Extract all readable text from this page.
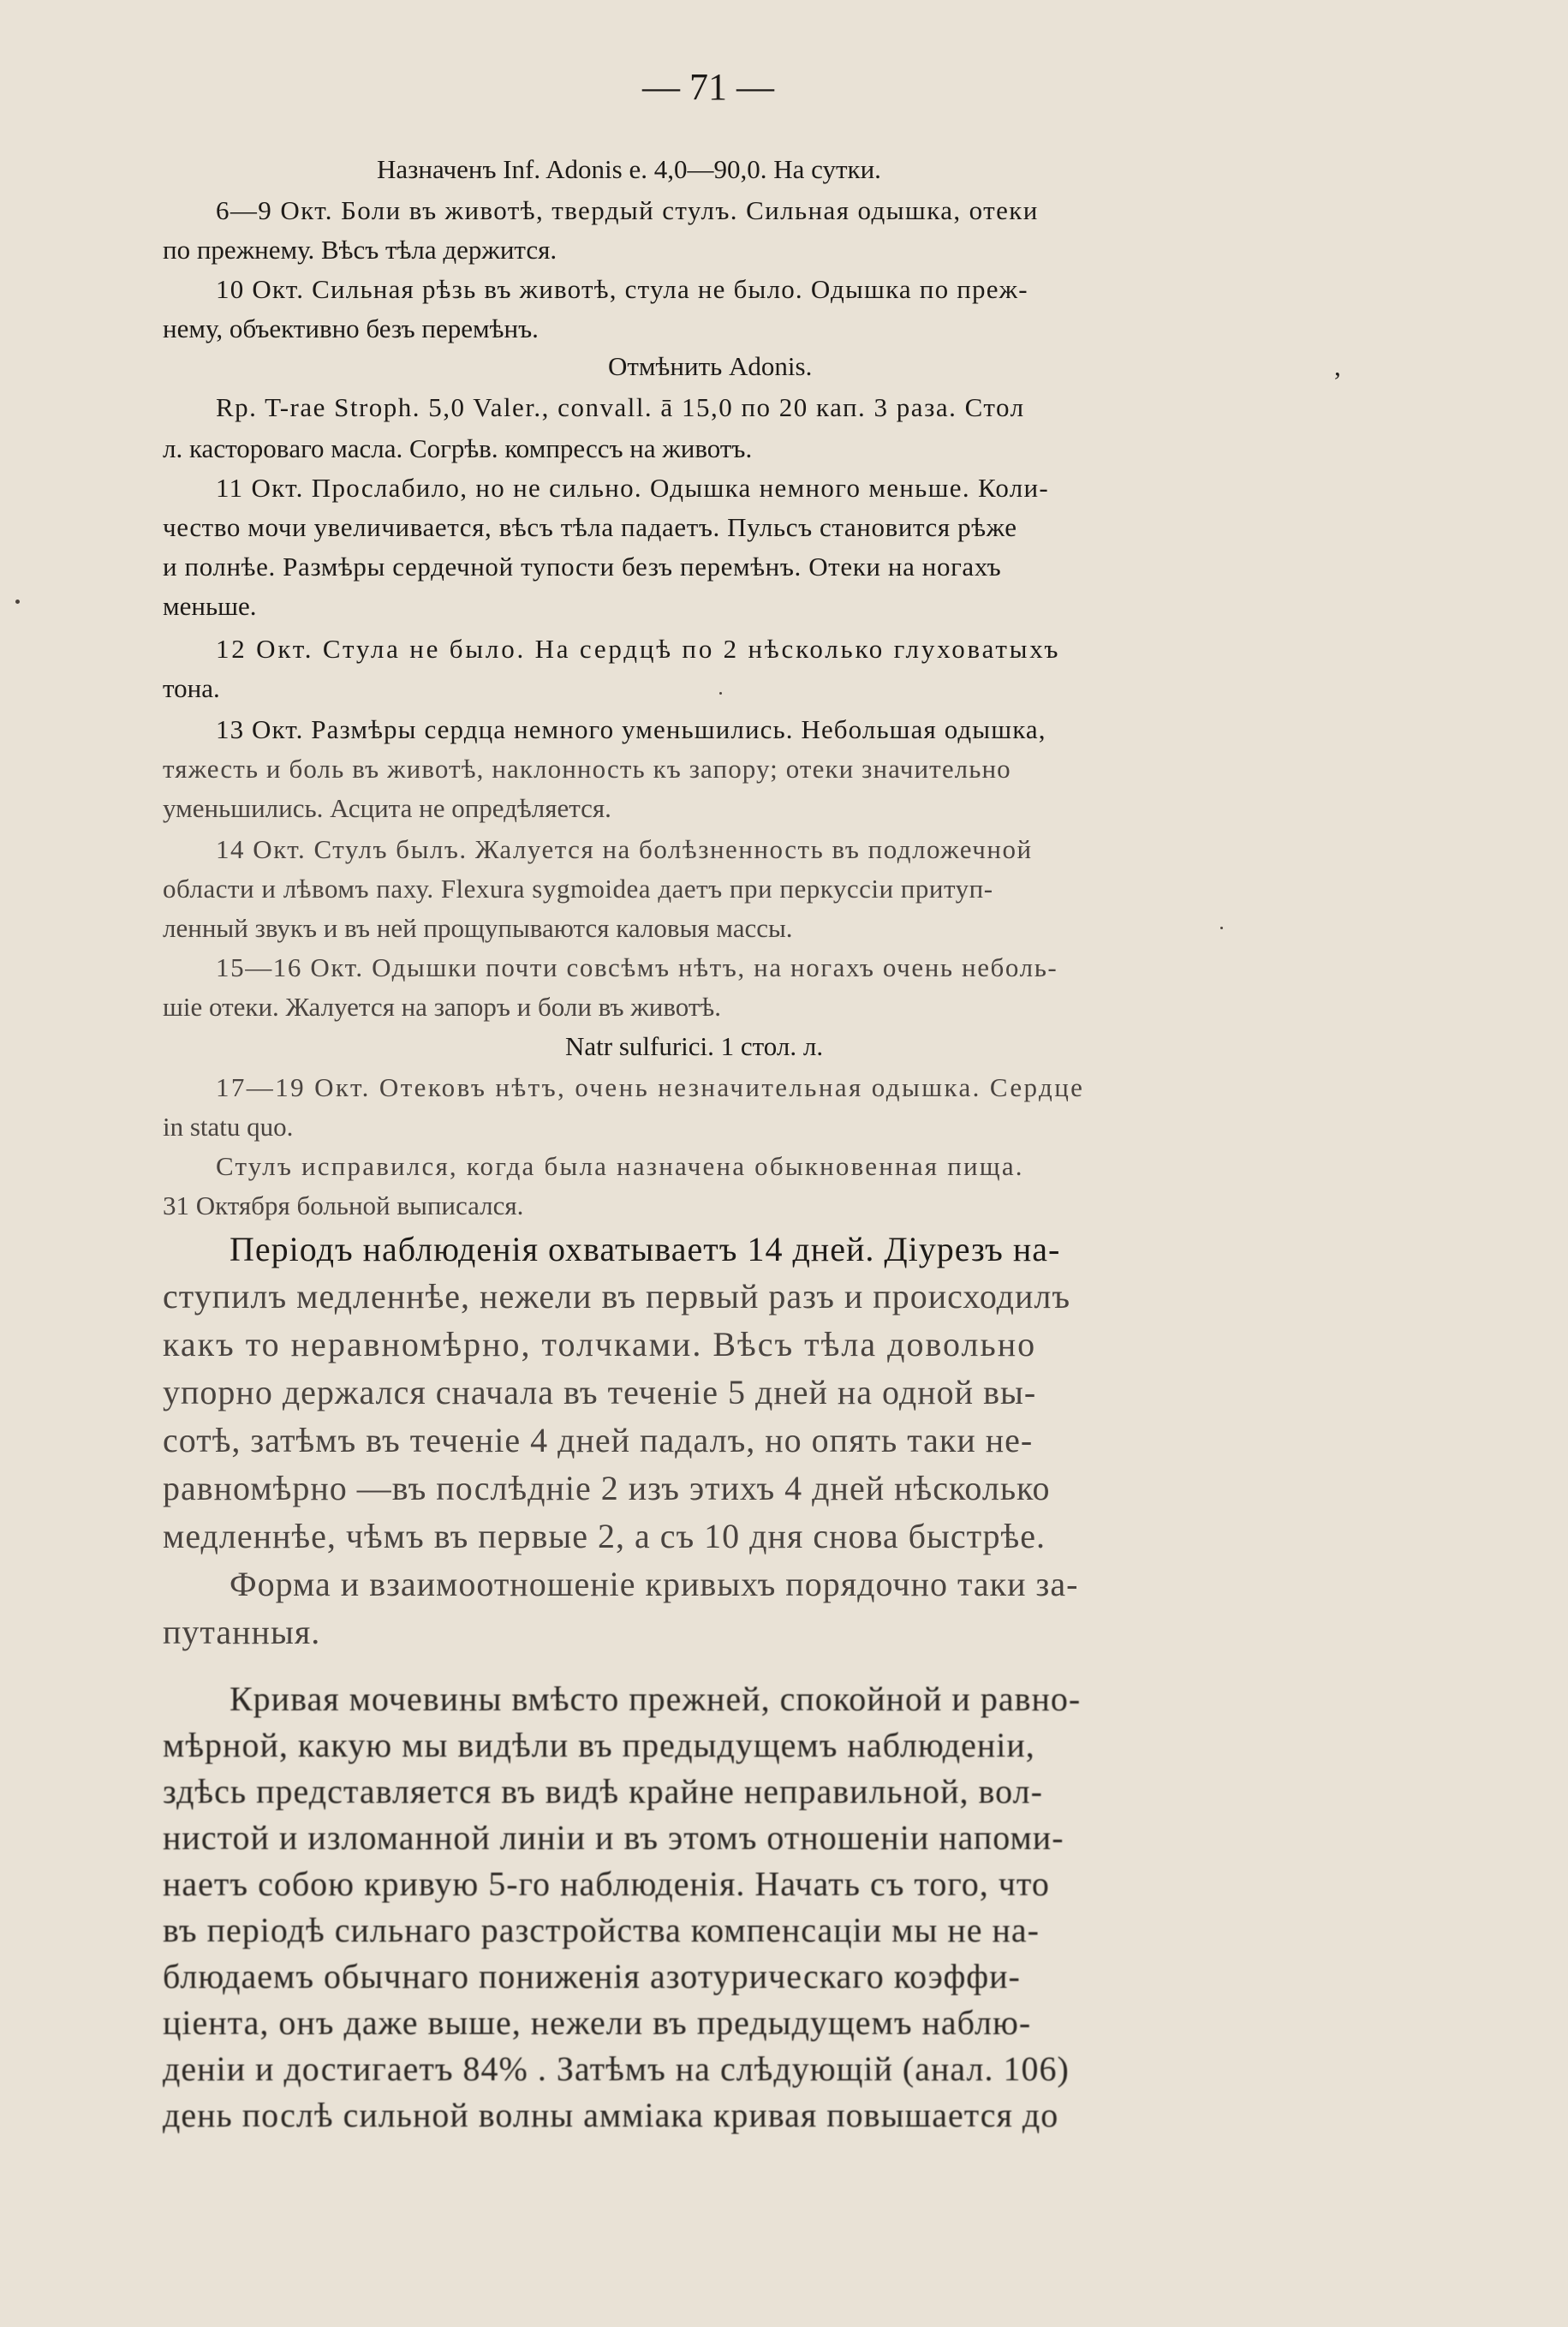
— 71 —
Назначенъ Inf. Adonis e. 4,0—90,0. На сутки.
6—9 Окт. Боли въ животѣ, твердый стулъ. Сильная одышка, отеки
по прежнему. Вѣсъ тѣла держится.
10 Окт. Сильная рѣзь въ животѣ, стула не было. Одышка по преж-
нему, объективно безъ перемѣнъ.
Отмѣнить Adonis.	,
Rp. T-rae Stroph. 5,0 Valer., convall. ā 15,0 по 20 кап. 3 раза. Стол
л. касторовaго масла. Согрѣв. компрессъ на животъ.
11 Окт. Прослабило, но не сильно. Одышка немного меньше. Коли-
чество мочи увеличивается, вѣсъ тѣла падаетъ. Пульсъ становится рѣже
и полнѣе. Размѣры сердечной тупости безъ перемѣнъ. Отеки на ногахъ
меньше.
12 Окт. Стула не было. На сердцѣ по 2 нѣсколько глуховатыхъ
тона.
13 Окт. Размѣры сердца немного уменьшились. Небольшая одышка,
тяжесть и боль въ животѣ, наклонность къ запору; отеки значительно
уменьшились. Асцита не опредѣляется.
14 Окт. Стулъ былъ. Жалуется на болѣзненность въ подложечной
области и лѣвомъ паху. Flexura sygmoidea даетъ при перкуссіи притуп-
ленный звукъ и въ ней прощупываются каловыя массы.
15—16 Окт. Одышки почти совсѣмъ нѣтъ, на ногахъ очень неболь-
шіе отеки. Жалуется на запоръ и боли въ животѣ.
Natr sulfurici. 1 стол. л.
17—19 Окт. Отековъ нѣтъ, очень незначительная одышка. Сердце
in statu quo.
Стулъ исправился, когда была назначена обыкновенная пища.
31 Октября больной выписался.
Періодъ наблюденія охватываетъ 14 дней. Діурезъ на-
ступилъ медленнѣе, нежели въ первый разъ и происходилъ
какъ то неравномѣрно, толчками. Вѣсъ тѣла довольно
упорно держался сначала въ теченіе 5 дней на одной вы-
сотѣ, затѣмъ въ теченіе 4 дней падалъ, но опять таки не-
равномѣрно —въ послѣдніе 2 изъ этихъ 4 дней нѣсколько
медленнѣе, чѣмъ въ первые 2, а съ 10 дня снова быстрѣе.
Форма и взаимоотношеніе кривыхъ порядочно таки за-
путанныя.
Кривая мочевины вмѣсто прежней, спокойной и равно-
мѣрной, какую мы видѣли въ предыдущемъ наблюденіи,
здѣсь представляется въ видѣ крайне неправильной, вол-
нистой и изломанной линіи и въ этомъ отношеніи напоми-
наетъ собою кривую 5-го наблюденія. Начать съ того, что
въ періодѣ сильнаго разстройства компенсаціи мы не на-
блюдаемъ обычнаго пониженія азотурическаго коэффи-
ціента, онъ даже выше, нежели въ предыдущемъ наблю-
деніи и достигаетъ 84% . Затѣмъ на слѣдующій (анал. 106)
день послѣ сильной волны амміака кривая повышается до
